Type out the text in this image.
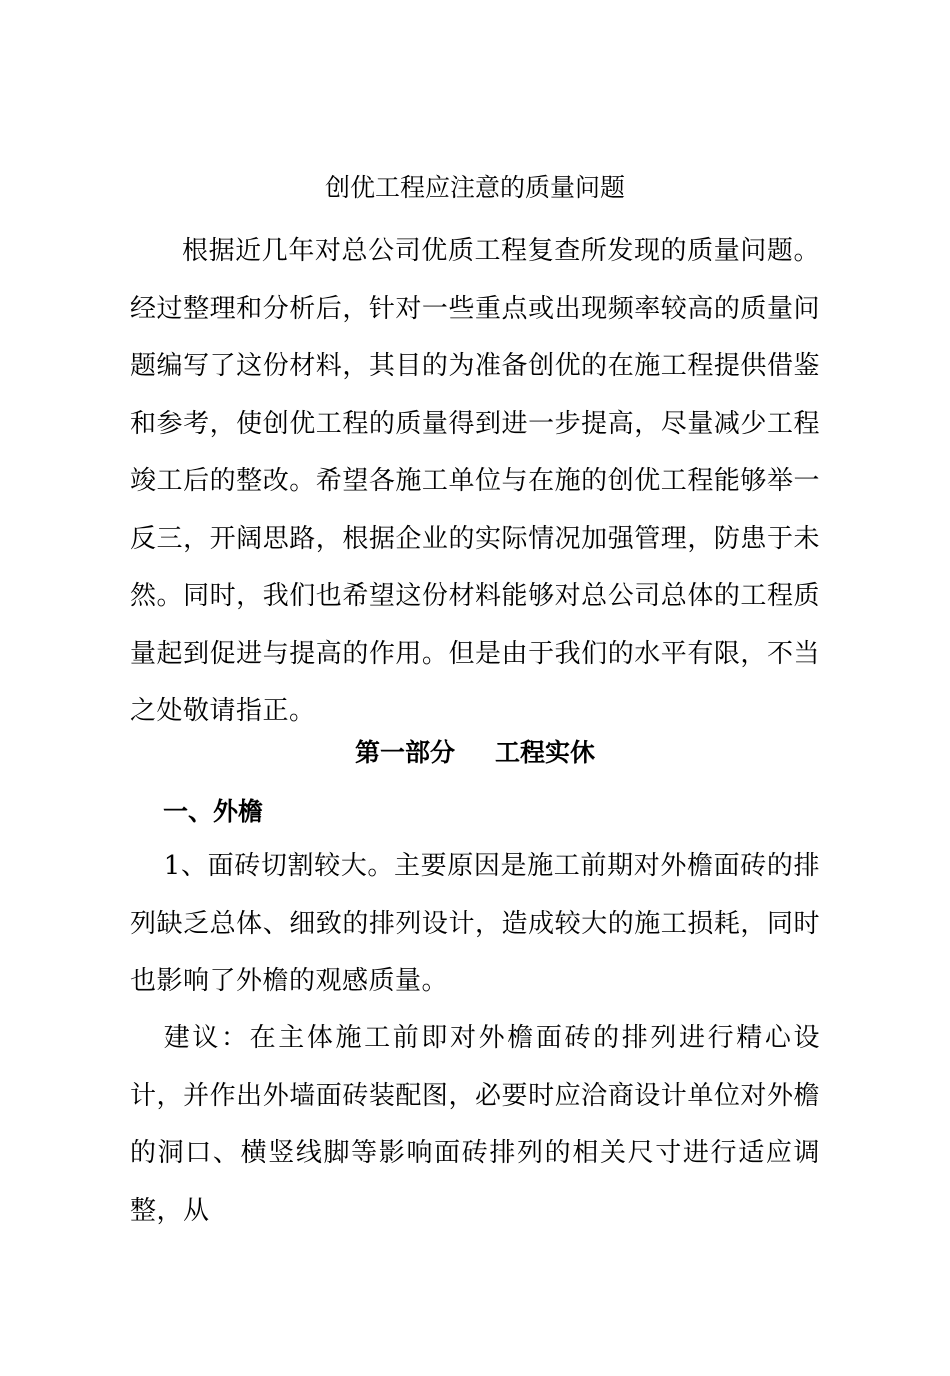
创优工程应注意的质量问题
根据近几年对总公司优质工程复查所发现的质量问题。经过整理和分析后，针对一些重点或出现频率较高的质量问题编写了这份材料，其目的为准备创优的在施工程提供借鉴和参考，使创优工程的质量得到进一步提高，尽量减少工程竣工后的整改。希望各施工单位与在施的创优工程能够举一反三，开阔思路，根据企业的实际情况加强管理，防患于未然。同时，我们也希望这份材料能够对总公司总体的工程质量起到促进与提高的作用。但是由于我们的水平有限，不当之处敬请指正。
第一部分 工程实休
一、外檐
1、面砖切割较大。主要原因是施工前期对外檐面砖的排列缺乏总体、细致的排列设计，造成较大的施工损耗，同时也影响了外檐的观感质量。
建议：在主体施工前即对外檐面砖的排列进行精心设计，并作出外墙面砖装配图，必要时应洽商设计单位对外檐的洞口、横竖线脚等影响面砖排列的相关尺寸进行适应调整，从
